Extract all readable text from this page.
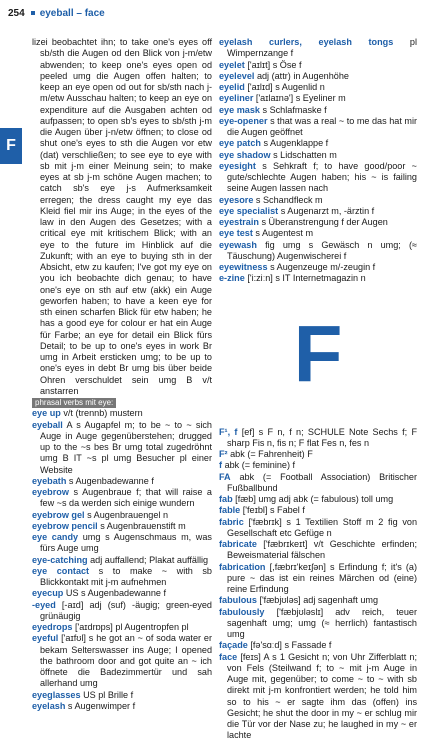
254 eyeball – face
F

lizei beobachtet ihn; to take one's eyes off sb/sth die Augen od den Blick von j-m/etw abwenden; to keep one's eyes open od peeled umg die Augen offen halten; to keep an eye open od out for sb/sth nach j-m/etw Ausschau halten; to keep an eye on expenditure auf die Ausgaben achten od aufpassen; to open sb's eyes to sb/sth j-m die Augen über j-n/etw öffnen; to close od shut one's eyes to sth die Augen vor etw (dat) verschließen; to see eye to eye with sb mit j-m einer Meinung sein; to make eyes at sb j-m schöne Augen machen; to catch sb's eye j-s Aufmerksamkeit erregen; the dress caught my eye das Kleid fiel mir ins Auge; in the eyes of the law in den Augen des Gesetzes; with a critical eye mit kritischem Blick; with an eye to the future im Hinblick auf die Zukunft; with an eye to buying sth in der Absicht, etw zu kaufen; I've got my eye on you ich beobachte dich genau; to have one's eye on sth auf etw (akk) ein Auge geworfen haben; to have a keen eye for sth einen scharfen Blick für etw haben; he has a good eye for colour er hat ein Auge für Farbe; an eye for detail ein Blick fürs Detail; to be up to one's eyes in work Br umg in Arbeit ersticken umg; to be up to one's eyes in debt Br umg bis über beide Ohren verschuldet sein umg B v/t anstarren

phrasal verbs mit eye:

eye up v/t (trennb) mustern

eyeball A s Augapfel m; to be ~ to ~ sich Auge in Auge gegenüberstehen; drugged up to the ~s bes Br umg total zugedröhnt umg B IT ~s pl umg Besucher pl einer Website

eyebath s Augenbadewanne f

eyebrow s Augenbraue f; that will raise a few ~s da werden sich einige wundern

eyebrow gel s Augenbrauengel n

eyebrow pencil s Augenbrauenstift m

eye candy umg s Augenschmaus m, was fürs Auge umg

eye-catching adj auffallend; Plakat auffällig

eye contact s to make ~ with sb Blickkontakt mit j-m aufnehmen

eyecup US s Augenbadewanne f

-eyed [-aɪd] adj (suf) -äugig; green-eyed grünäugig

eyedrops ['aɪdrɒps] pl Augentropfen pl

eyeful ['aɪfʊl] s he got an ~ of soda water er bekam Selterswasser ins Auge; I opened the bathroom door and got quite an ~ ich öffnete die Badezimmertür und sah allerhand umg

eyeglasses US pl Brille f

eyelash s Augenwimper f

eyelash curlers, eyelash tongs pl Wimpernzange f

eyelet ['aɪlɪt] s Öse f

eyelevel adj (attr) in Augenhöhe

eyelid ['aɪlɪd] s Augenlid n

eyeliner ['aɪlaɪnə'] s Eyeliner m

eye mask s Schlafmaske f

eye-opener s that was a real ~ to me das hat mir die Augen geöffnet

eye patch s Augenklappe f

eye shadow s Lidschatten m

eyesight s Sehkraft f; to have good/poor ~ gute/schlechte Augen haben; his ~ is failing seine Augen lassen nach

eyesore s Schandfleck m

eye specialist s Augenarzt m, -ärztin f

eyestrain s Überanstrengung f der Augen

eye test s Augentest m

eyewash fig umg s Gewäsch n umg; (≈ Täuschung) Augenwischerei f

eyewitness s Augenzeuge m/-zeugin f

e-zine ['i:ziːn] s IT Internetmagazin n

F

F¹, f [ef] s F n, f n; SCHULE Note Sechs f; F sharp Fis n, fis n; F flat Fes n, fes n

F² abk (= Fahrenheit) F

f abk (= feminine) f

FA abk (= Football Association) Britischer Fußballbund

fab [fæb] umg adj abk (= fabulous) toll umg

fable ['feɪbl] s Fabel f

fabric ['fæbrɪk] s 1 Textilien Stoff m 2 fig von Gesellschaft etc Gefüge n

fabricate ['fæbrɪkeɪt] v/t Geschichte erfinden; Beweismaterial fälschen

fabrication [,fæbrɪ'keɪʃən] s Erfindung f; it's (a) pure ~ das ist ein reines Märchen od (eine) reine Erfindung

fabulous ['fæbjʊləs] adj sagenhaft umg

fabulously ['fæbjʊləslɪ] adv reich, teuer sagenhaft umg; umg (≈ herrlich) fantastisch umg

façade [fə'sɑːd] s Fassade f

face [feɪs] A s 1 Gesicht n; von Uhr Zifferblatt n; von Fels (Steilwand f; to ~ mit j-m Auge in Auge mit, gegenüber; to come ~ to ~ with sb direkt mit j-m konfrontiert werden; he told him so to his ~ er sagte ihm das (offen) ins Gesicht; he shut the door in my ~ er schlug mir die Tür vor der Nase zu; he laughed in my ~ er lachte
